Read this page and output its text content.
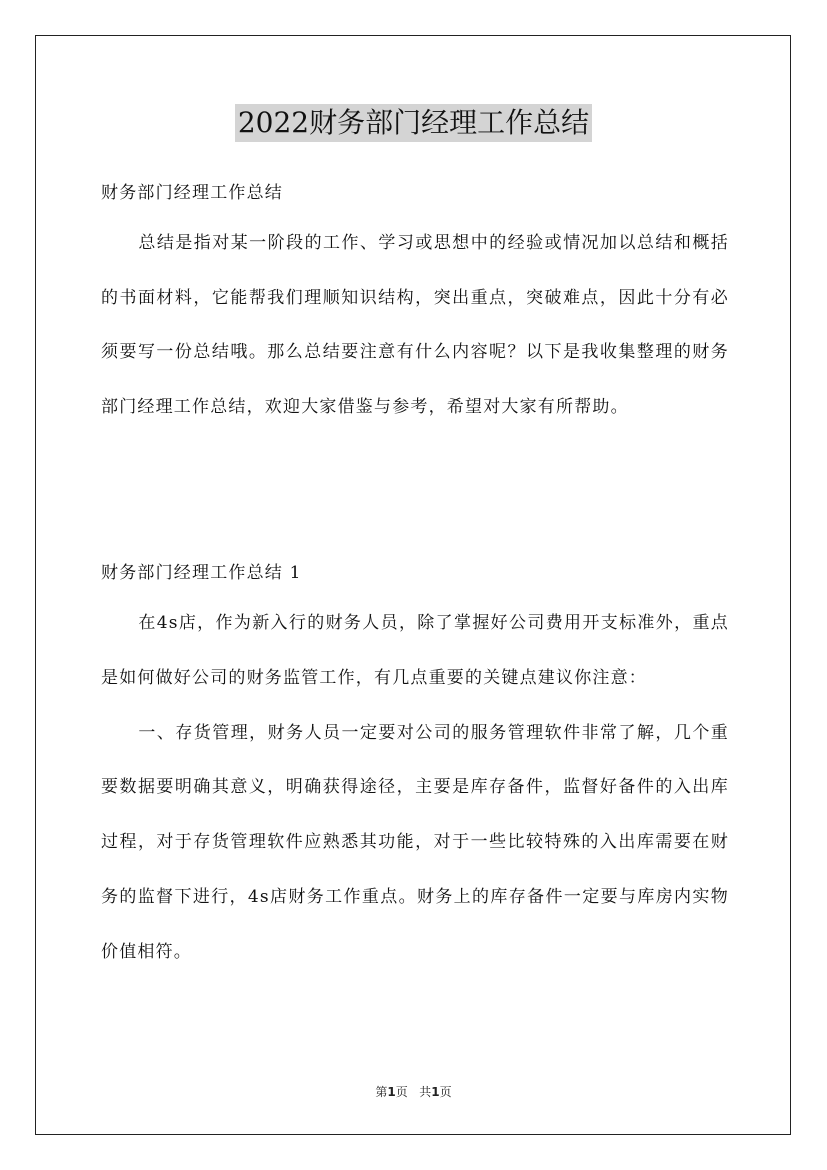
2022财务部门经理工作总结

财务部门经理工作总结

总结是指对某一阶段的工作、学习或思想中的经验或情况加以总结和概括的书面材料，它能帮我们理顺知识结构，突出重点，突破难点，因此十分有必须要写一份总结哦。那么总结要注意有什么内容呢？以下是我收集整理的财务部门经理工作总结，欢迎大家借鉴与参考，希望对大家有所帮助。

财务部门经理工作总结 1

在4s店，作为新入行的财务人员，除了掌握好公司费用开支标准外，重点是如何做好公司的财务监管工作，有几点重要的关键点建议你注意：

一、存货管理，财务人员一定要对公司的服务管理软件非常了解，几个重要数据要明确其意义，明确获得途径，主要是库存备件，监督好备件的入出库过程，对于存货管理软件应熟悉其功能，对于一些比较特殊的入出库需要在财务的监督下进行，4s店财务工作重点。财务上的库存备件一定要与库房内实物价值相符。

第1页 共1页
